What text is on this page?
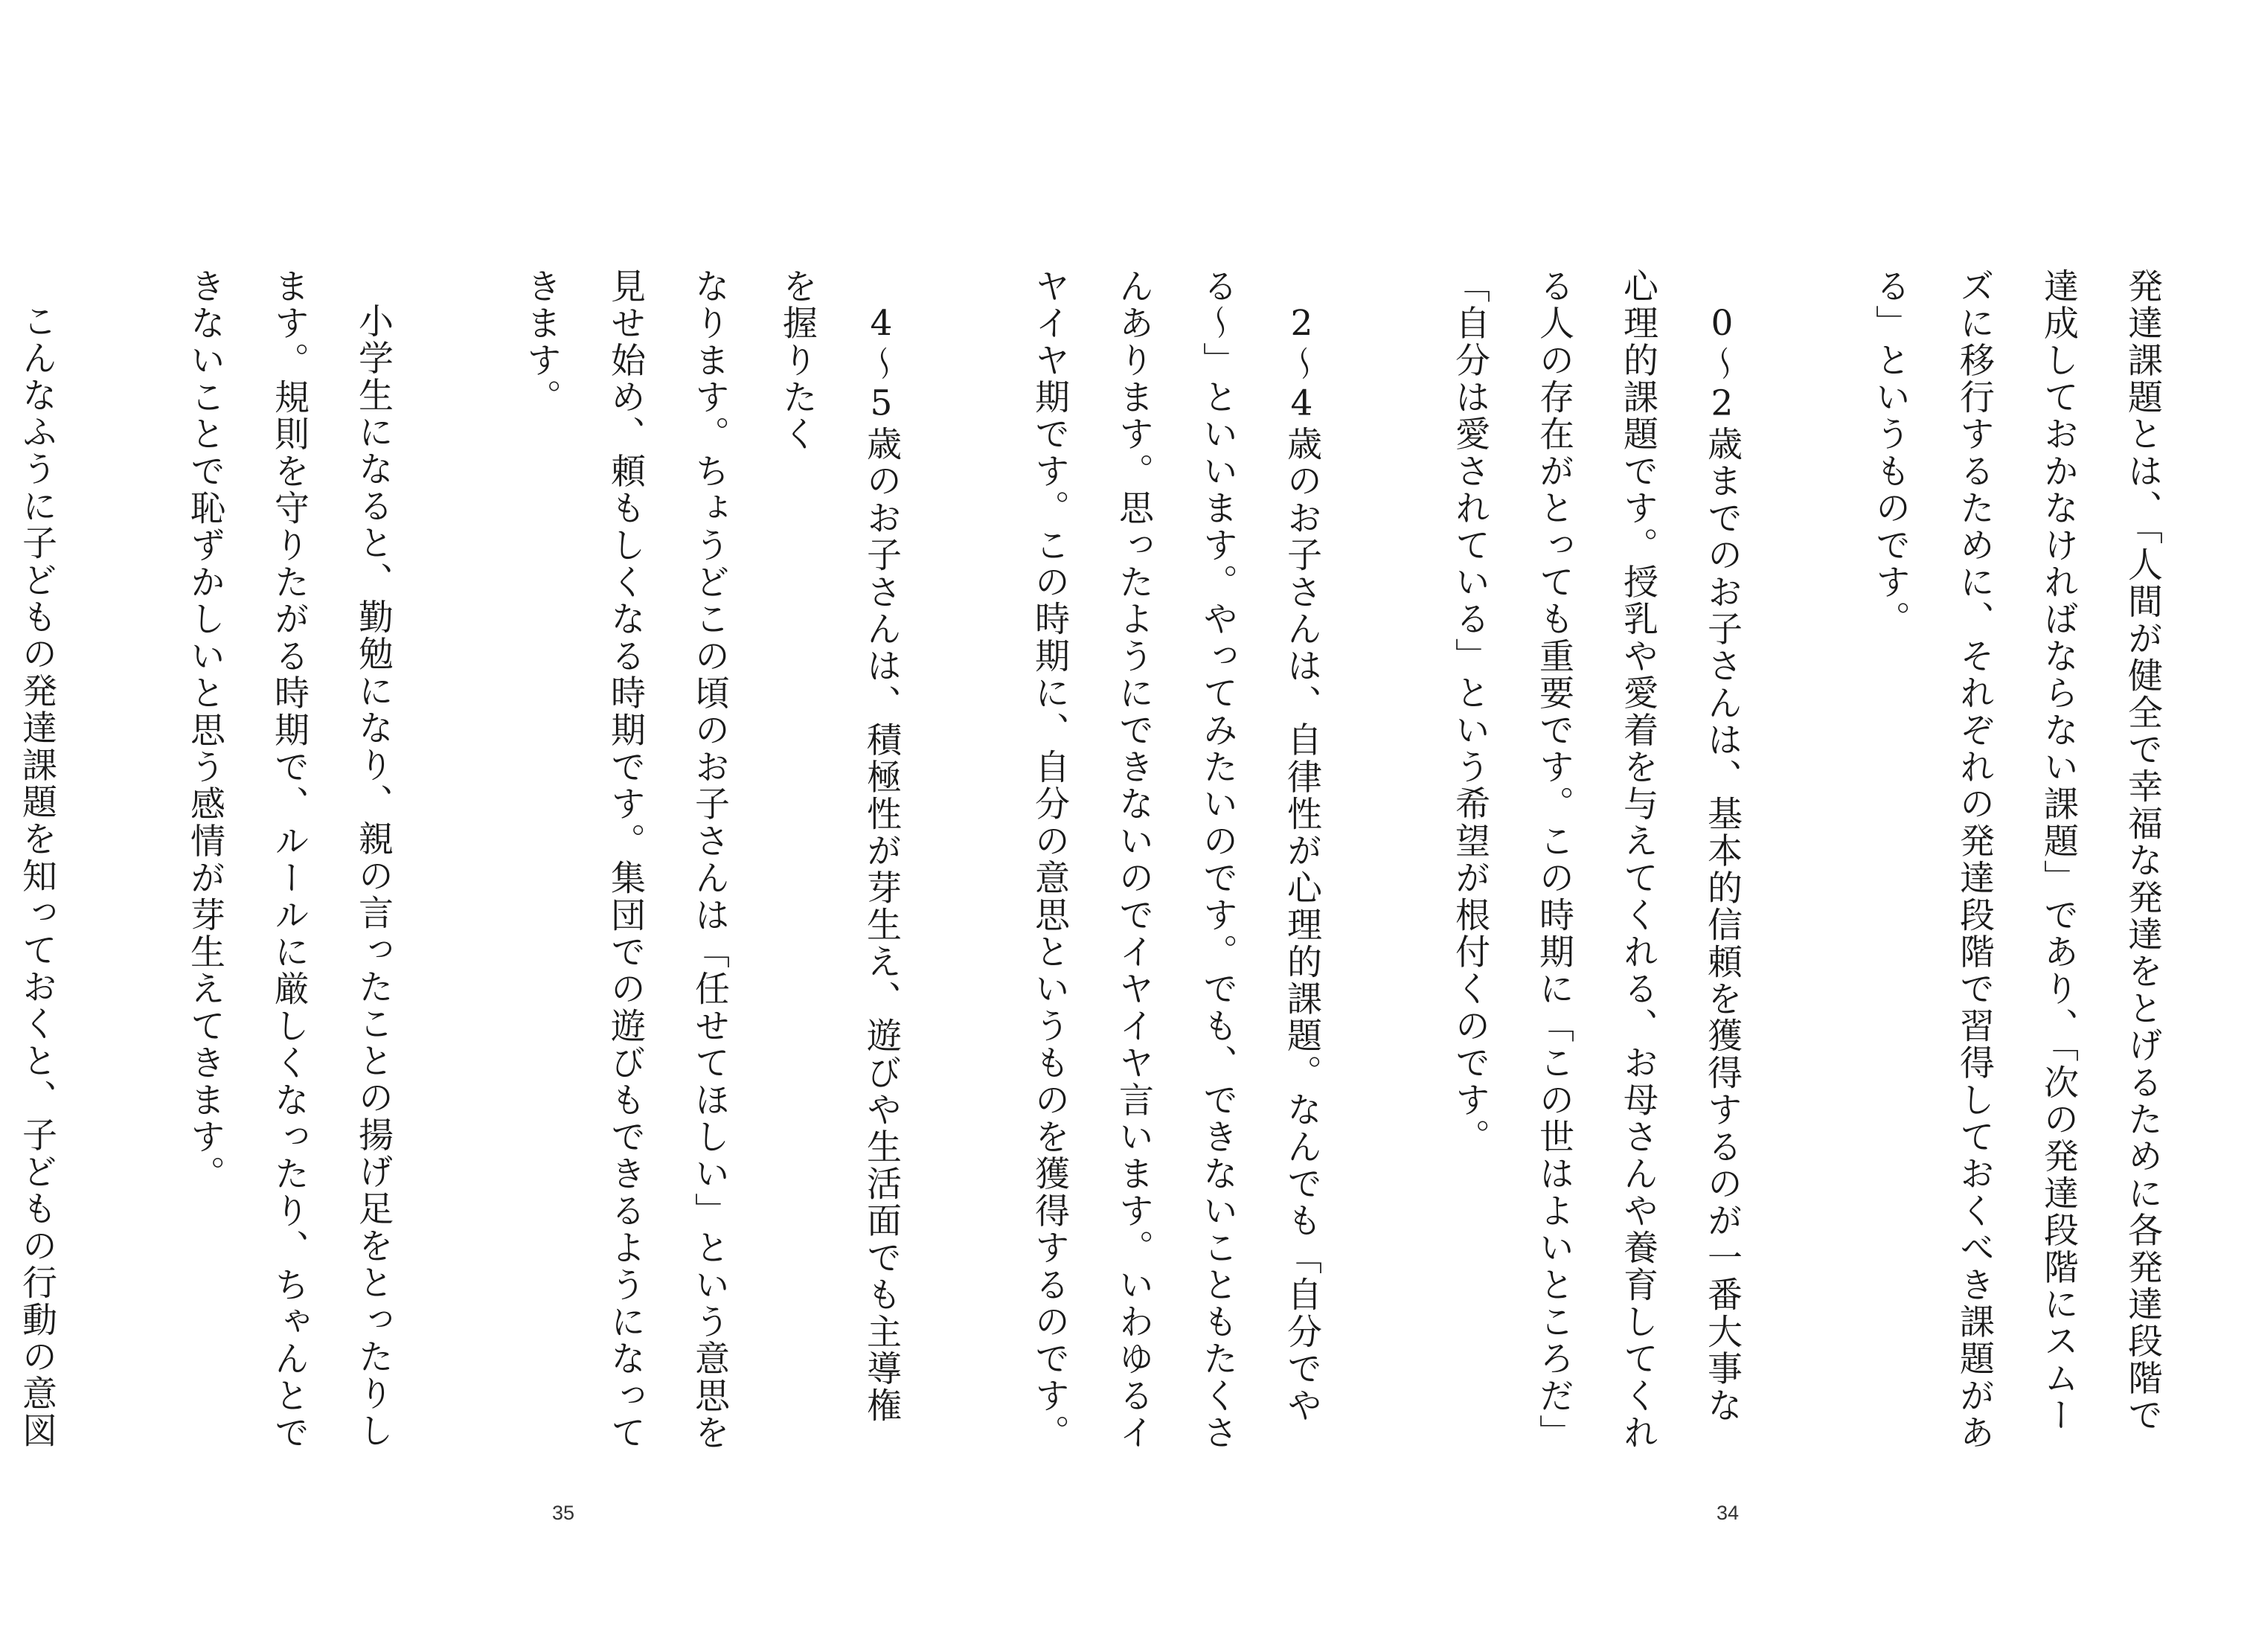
発達課題とは、「人間が健全で幸福な発達をとげるために各発達段階で達成しておかなければならない課題」であり、「次の発達段階にスムーズに移行するために、それぞれの発達段階で習得しておくべき課題がある」というものです。

0～2歳までのお子さんは、基本的信頼を獲得するのが一番大事な心理的課題です。授乳や愛着を与えてくれる、お母さんや養育してくれる人の存在がとっても重要です。この時期に「この世はよいところだ」「自分は愛されている」という希望が根付くのです。

2～4歳のお子さんは、自律性が心理的課題。なんでも「自分でやる～」といいます。やってみたいのです。でも、できないこともたくさんあります。思ったようにできないのでイヤイヤ言います。いわゆるイヤイヤ期です。この時期に、自分の意思というものを獲得するのです。

4～5歳のお子さんは、積極性が芽生え、遊びや生活面でも主導権を握りたく

34

なります。ちょうどこの頃のお子さんは「任せてほしい」という意思を見せ始め、頼もしくなる時期です。集団での遊びもできるようになってきます。

小学生になると、勤勉になり、親の言ったことの揚げ足をとったりします。規則を守りたがる時期で、ルールに厳しくなったり、ちゃんとできないことで恥ずかしいと思う感情が芽生えてきます。

こんなふうに子どもの発達課題を知っておくと、子どもの行動の意図

35
